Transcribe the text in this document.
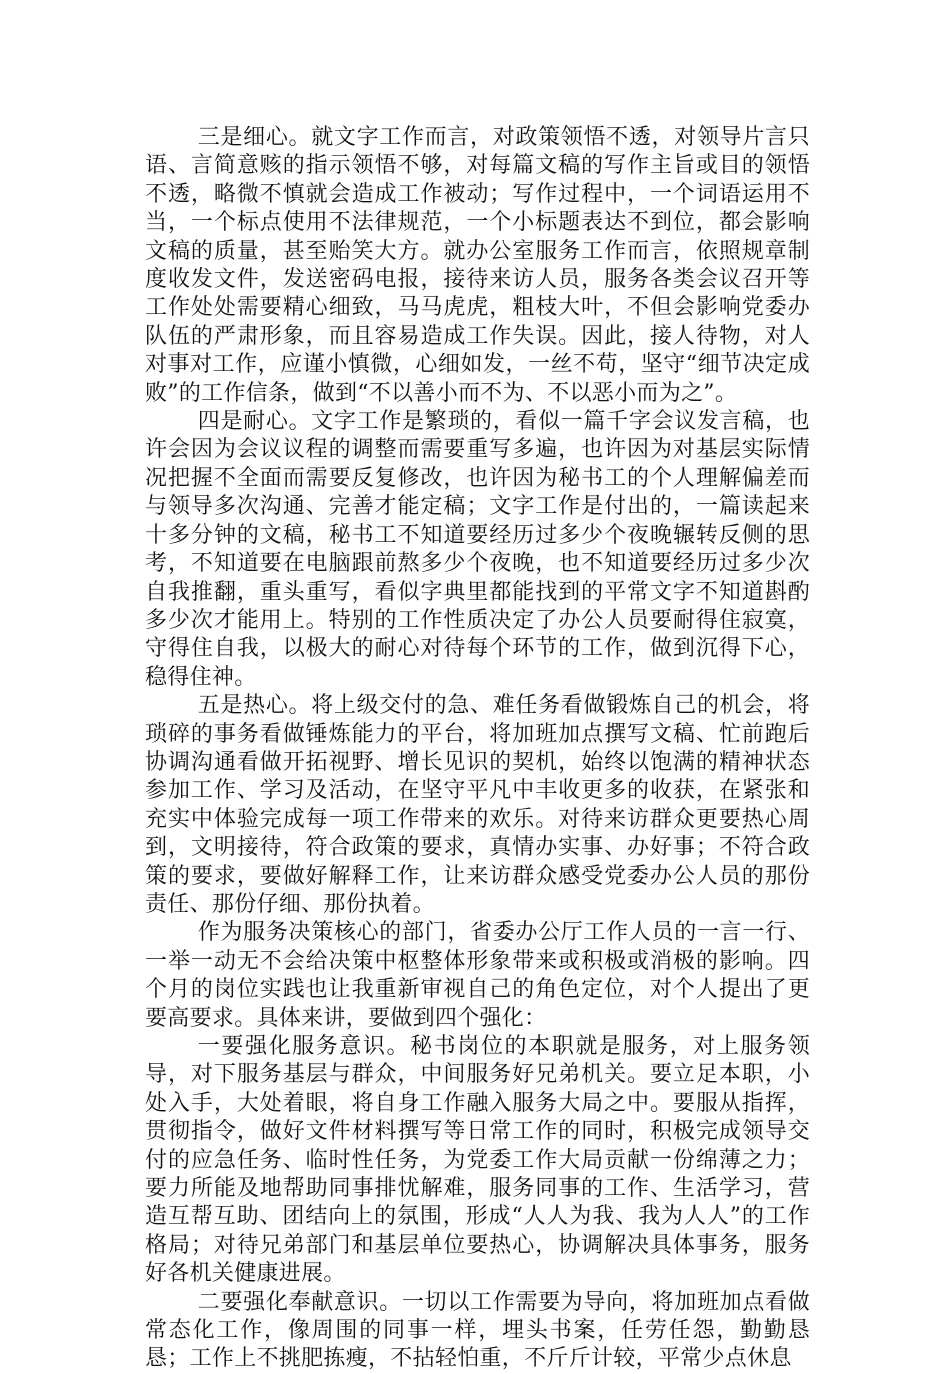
三是细心。就文字工作而言，对政策领悟不透，对领导片言只语、言简意赅的指示领悟不够，对每篇文稿的写作主旨或目的领悟不透，略微不慎就会造成工作被动；写作过程中，一个词语运用不当，一个标点使用不法律规范，一个小标题表达不到位，都会影响文稿的质量，甚至贻笑大方。就办公室服务工作而言，依照规章制度收发文件，发送密码电报，接待来访人员，服务各类会议召开等工作处处需要精心细致，马马虎虎，粗枝大叶，不但会影响党委办队伍的严肃形象，而且容易造成工作失误。因此，接人待物，对人对事对工作，应谨小慎微，心细如发，一丝不苟，坚守“细节决定成败”的工作信条，做到“不以善小而不为、不以恶小而为之”。

四是耐心。文字工作是繁琐的，看似一篇千字会议发言稿，也许会因为会议议程的调整而需要重写多遍，也许因为对基层实际情况把握不全面而需要反复修改，也许因为秘书工的个人理解偏差而与领导多次沟通、完善才能定稿；文字工作是付出的，一篇读起来十多分钟的文稿，秘书工不知道要经历过多少个夜晚辗转反侧的思考，不知道要在电脑跟前熬多少个夜晚，也不知道要经历过多少次自我推翻，重头重写，看似字典里都能找到的平常文字不知道斟酌多少次才能用上。特别的工作性质决定了办公人员要耐得住寂寞，守得住自我，以极大的耐心对待每个环节的工作，做到沉得下心，稳得住神。

五是热心。将上级交付的急、难任务看做锻炼自己的机会，将琐碎的事务看做锤炼能力的平台，将加班加点撰写文稿、忙前跑后协调沟通看做开拓视野、增长见识的契机，始终以饱满的精神状态参加工作、学习及活动，在坚守平凡中丰收更多的收获，在紧张和充实中体验完成每一项工作带来的欢乐。对待来访群众更要热心周到，文明接待，符合政策的要求，真情办实事、办好事；不符合政策的要求，要做好解释工作，让来访群众感受党委办公人员的那份责任、那份仔细、那份执着。

作为服务决策核心的部门，省委办公厅工作人员的一言一行、一举一动无不会给决策中枢整体形象带来或积极或消极的影响。四个月的岗位实践也让我重新审视自己的角色定位，对个人提出了更要高要求。具体来讲，要做到四个强化：

一要强化服务意识。秘书岗位的本职就是服务，对上服务领导，对下服务基层与群众，中间服务好兄弟机关。要立足本职，小处入手，大处着眼，将自身工作融入服务大局之中。要服从指挥，贯彻指令，做好文件材料撰写等日常工作的同时，积极完成领导交付的应急任务、临时性任务，为党委工作大局贡献一份绵薄之力；要力所能及地帮助同事排忧解难，服务同事的工作、生活学习，营造互帮互助、团结向上的氛围，形成“人人为我、我为人人”的工作格局；对待兄弟部门和基层单位要热心，协调解决具体事务，服务好各机关健康进展。

二要强化奉献意识。一切以工作需要为导向，将加班加点看做常态化工作，像周围的同事一样，埋头书案，任劳任怨，勤勤恳恳；工作上不挑肥拣瘦，不拈轻怕重，不斤斤计较，平常少点休息
